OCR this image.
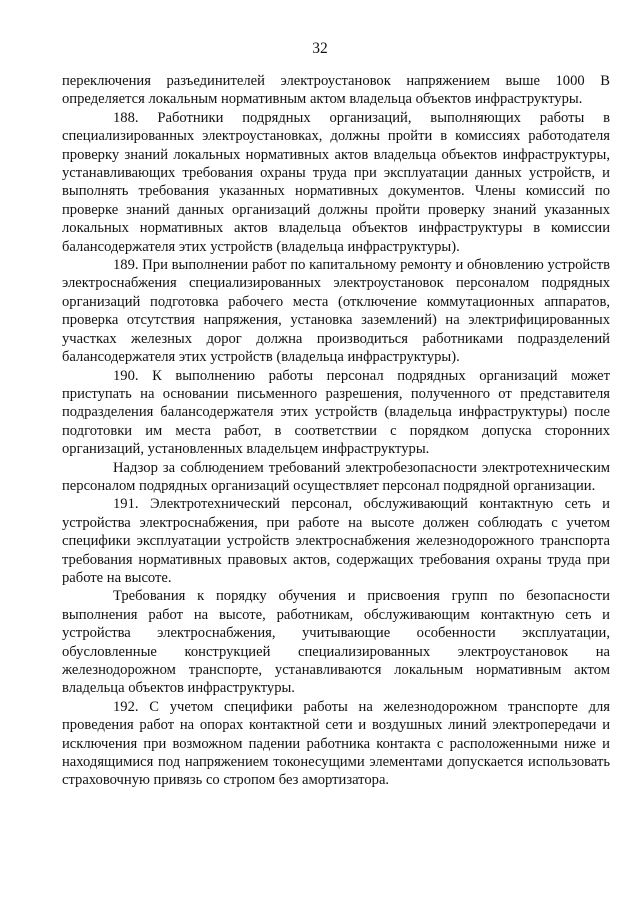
32

переключения разъединителей электроустановок напряжением выше 1000 В определяется локальным нормативным актом владельца объектов инфраструктуры.

188. Работники подрядных организаций, выполняющих работы в специализированных электроустановках, должны пройти в комиссиях работодателя проверку знаний локальных нормативных актов владельца объектов инфраструктуры, устанавливающих требования охраны труда при эксплуатации данных устройств, и выполнять требования указанных нормативных документов. Члены комиссий по проверке знаний данных организаций должны пройти проверку знаний указанных локальных нормативных актов владельца объектов инфраструктуры в комиссии балансодержателя этих устройств (владельца инфраструктуры).

189. При выполнении работ по капитальному ремонту и обновлению устройств электроснабжения специализированных электроустановок персоналом подрядных организаций подготовка рабочего места (отключение коммутационных аппаратов, проверка отсутствия напряжения, установка заземлений) на электрифицированных участках железных дорог должна производиться работниками подразделений балансодержателя этих устройств (владельца инфраструктуры).

190. К выполнению работы персонал подрядных организаций может приступать на основании письменного разрешения, полученного от представителя подразделения балансодержателя этих устройств (владельца инфраструктуры) после подготовки им места работ, в соответствии с порядком допуска сторонних организаций, установленных владельцем инфраструктуры.

Надзор за соблюдением требований электробезопасности электротехническим персоналом подрядных организаций осуществляет персонал подрядной организации.

191. Электротехнический персонал, обслуживающий контактную сеть и устройства электроснабжения, при работе на высоте должен соблюдать с учетом специфики эксплуатации устройств электроснабжения железнодорожного транспорта требования нормативных правовых актов, содержащих требования охраны труда при работе на высоте.

Требования к порядку обучения и присвоения групп по безопасности выполнения работ на высоте, работникам, обслуживающим контактную сеть и устройства электроснабжения, учитывающие особенности эксплуатации, обусловленные конструкцией специализированных электроустановок на железнодорожном транспорте, устанавливаются локальным нормативным актом владельца объектов инфраструктуры.

192. С учетом специфики работы на железнодорожном транспорте для проведения работ на опорах контактной сети и воздушных линий электропередачи и исключения при возможном падении работника контакта с расположенными ниже и находящимися под напряжением токонесущими элементами допускается использовать страховочную привязь со стропом без амортизатора.
